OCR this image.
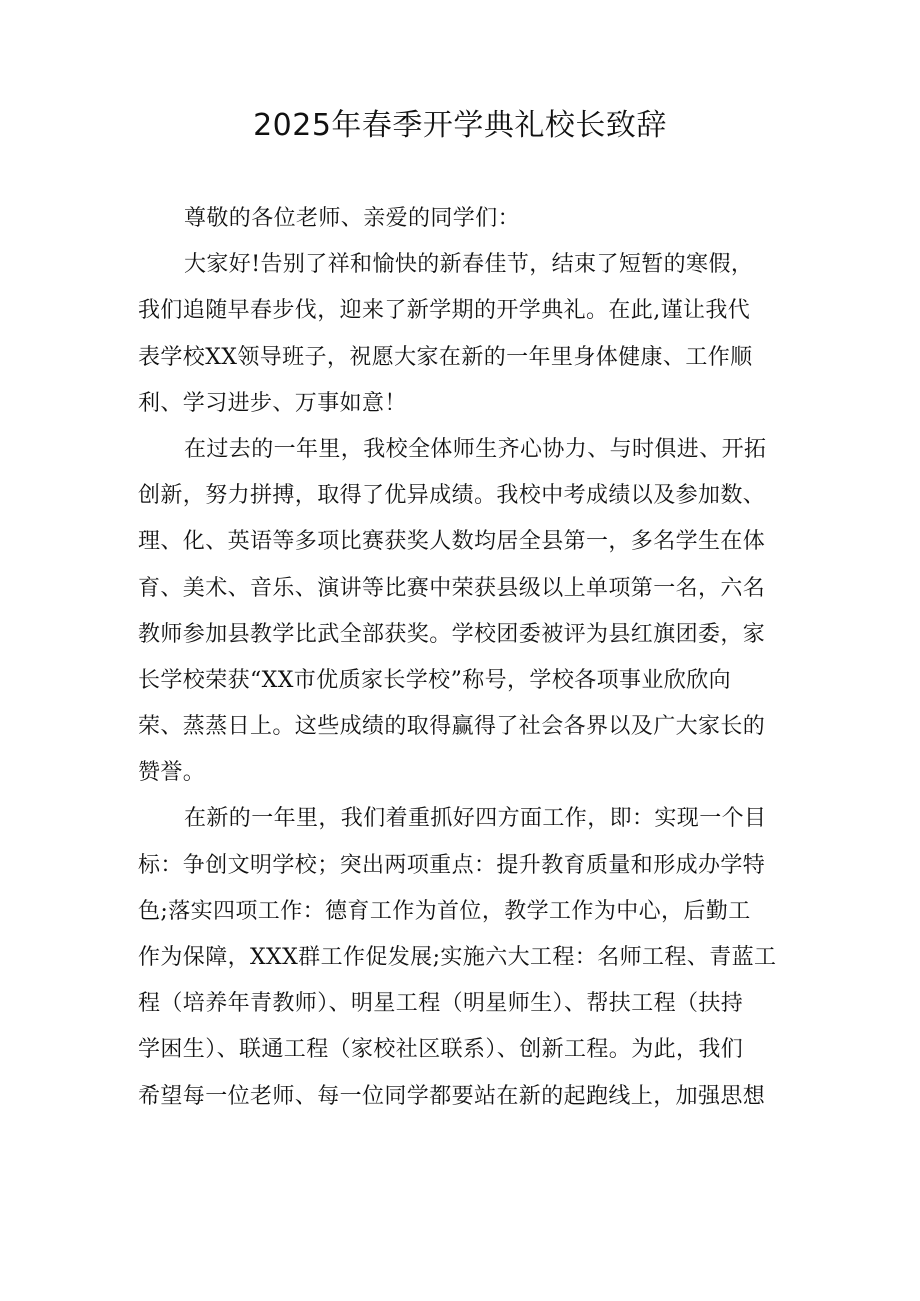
2025年春季开学典礼校长致辞
尊敬的各位老师、亲爱的同学们：
大家好!告别了祥和愉快的新春佳节，结束了短暂的寒假，
我们追随早春步伐，迎来了新学期的开学典礼。在此,谨让我代
表学校XX领导班子，祝愿大家在新的一年里身体健康、工作顺
利、学习进步、万事如意！
在过去的一年里，我校全体师生齐心协力、与时俱进、开拓
创新，努力拼搏，取得了优异成绩。我校中考成绩以及参加数、
理、化、英语等多项比赛获奖人数均居全县第一，多名学生在体
育、美术、音乐、演讲等比赛中荣获县级以上单项第一名，六名
教师参加县教学比武全部获奖。学校团委被评为县红旗团委，家
长学校荣获“XX市优质家长学校”称号，学校各项事业欣欣向
荣、蒸蒸日上。这些成绩的取得赢得了社会各界以及广大家长的
赞誉。
在新的一年里，我们着重抓好四方面工作，即：实现一个目
标：争创文明学校；突出两项重点：提升教育质量和形成办学特
色;落实四项工作：德育工作为首位，教学工作为中心，后勤工
作为保障，XXX群工作促发展;实施六大工程：名师工程、青蓝工
程（培养年青教师）、明星工程（明星师生）、帮扶工程（扶持
学困生）、联通工程（家校社区联系）、创新工程。为此，我们
希望每一位老师、每一位同学都要站在新的起跑线上，加强思想
